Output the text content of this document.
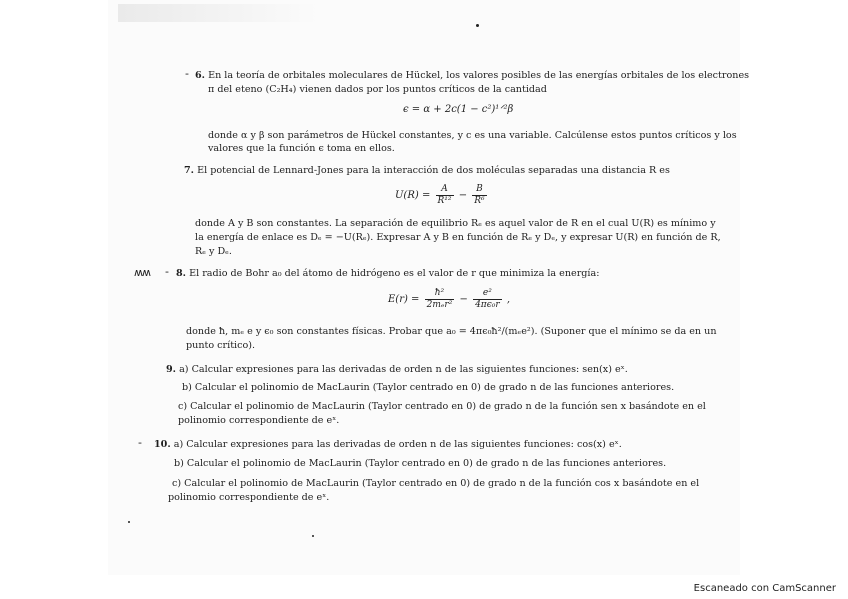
- 6. En la teoría de orbitales moleculares de Hückel, los valores posibles de las energías orbitales de los electrones
π del eteno (C₂H₄) vienen dados por los puntos críticos de la cantidad
ϵ = α + 2c(1 − c²)¹ᐟ²β
donde α y β son parámetros de Hückel constantes, y c es una variable. Calcúlense estos puntos críticos y los
valores que la función ϵ toma en ellos.
7. El potencial de Lennard-Jones para la interacción de dos moléculas separadas una distancia R es
$U(R) = \frac{A}{\text{R¹²}} - \frac{B}{\text{R⁶}}$
donde A y B son constantes. La separación de equilibrio Rₑ es aquel valor de R en el cual U(R) es mínimo y
la energía de enlace es Dₑ = −U(Rₑ). Expresar A y B en función de Rₑ y Dₑ, y expresar U(R) en función de R,
Rₑ y Dₑ.
ʍʍ - 8. El radio de Bohr a₀ del átomo de hidrógeno es el valor de r que minimiza la energía:
$E(r) = \frac{\text{ħ²}}{\text{2mₑr²}} - \frac{\text{e²}}{\text{4πϵ₀r}}$ ,
donde ħ, mₑ e y ϵ₀ son constantes físicas. Probar que a₀ = 4πϵ₀ħ²/(mₑe²). (Suponer que el mínimo se da en un
punto crítico).
9. a) Calcular expresiones para las derivadas de orden n de las siguientes funciones: sen(x) eˣ.
b) Calcular el polinomio de MacLaurin (Taylor centrado en 0) de grado n de las funciones anteriores.
c) Calcular el polinomio de MacLaurin (Taylor centrado en 0) de grado n de la función sen x basándote en el
polinomio correspondiente de eˣ.
- 10. a) Calcular expresiones para las derivadas de orden n de las siguientes funciones: cos(x) eˣ.
b) Calcular el polinomio de MacLaurin (Taylor centrado en 0) de grado n de las funciones anteriores.
c) Calcular el polinomio de MacLaurin (Taylor centrado en 0) de grado n de la función cos x basándote en el
polinomio correspondiente de eˣ.
Escaneado con CamScanner
